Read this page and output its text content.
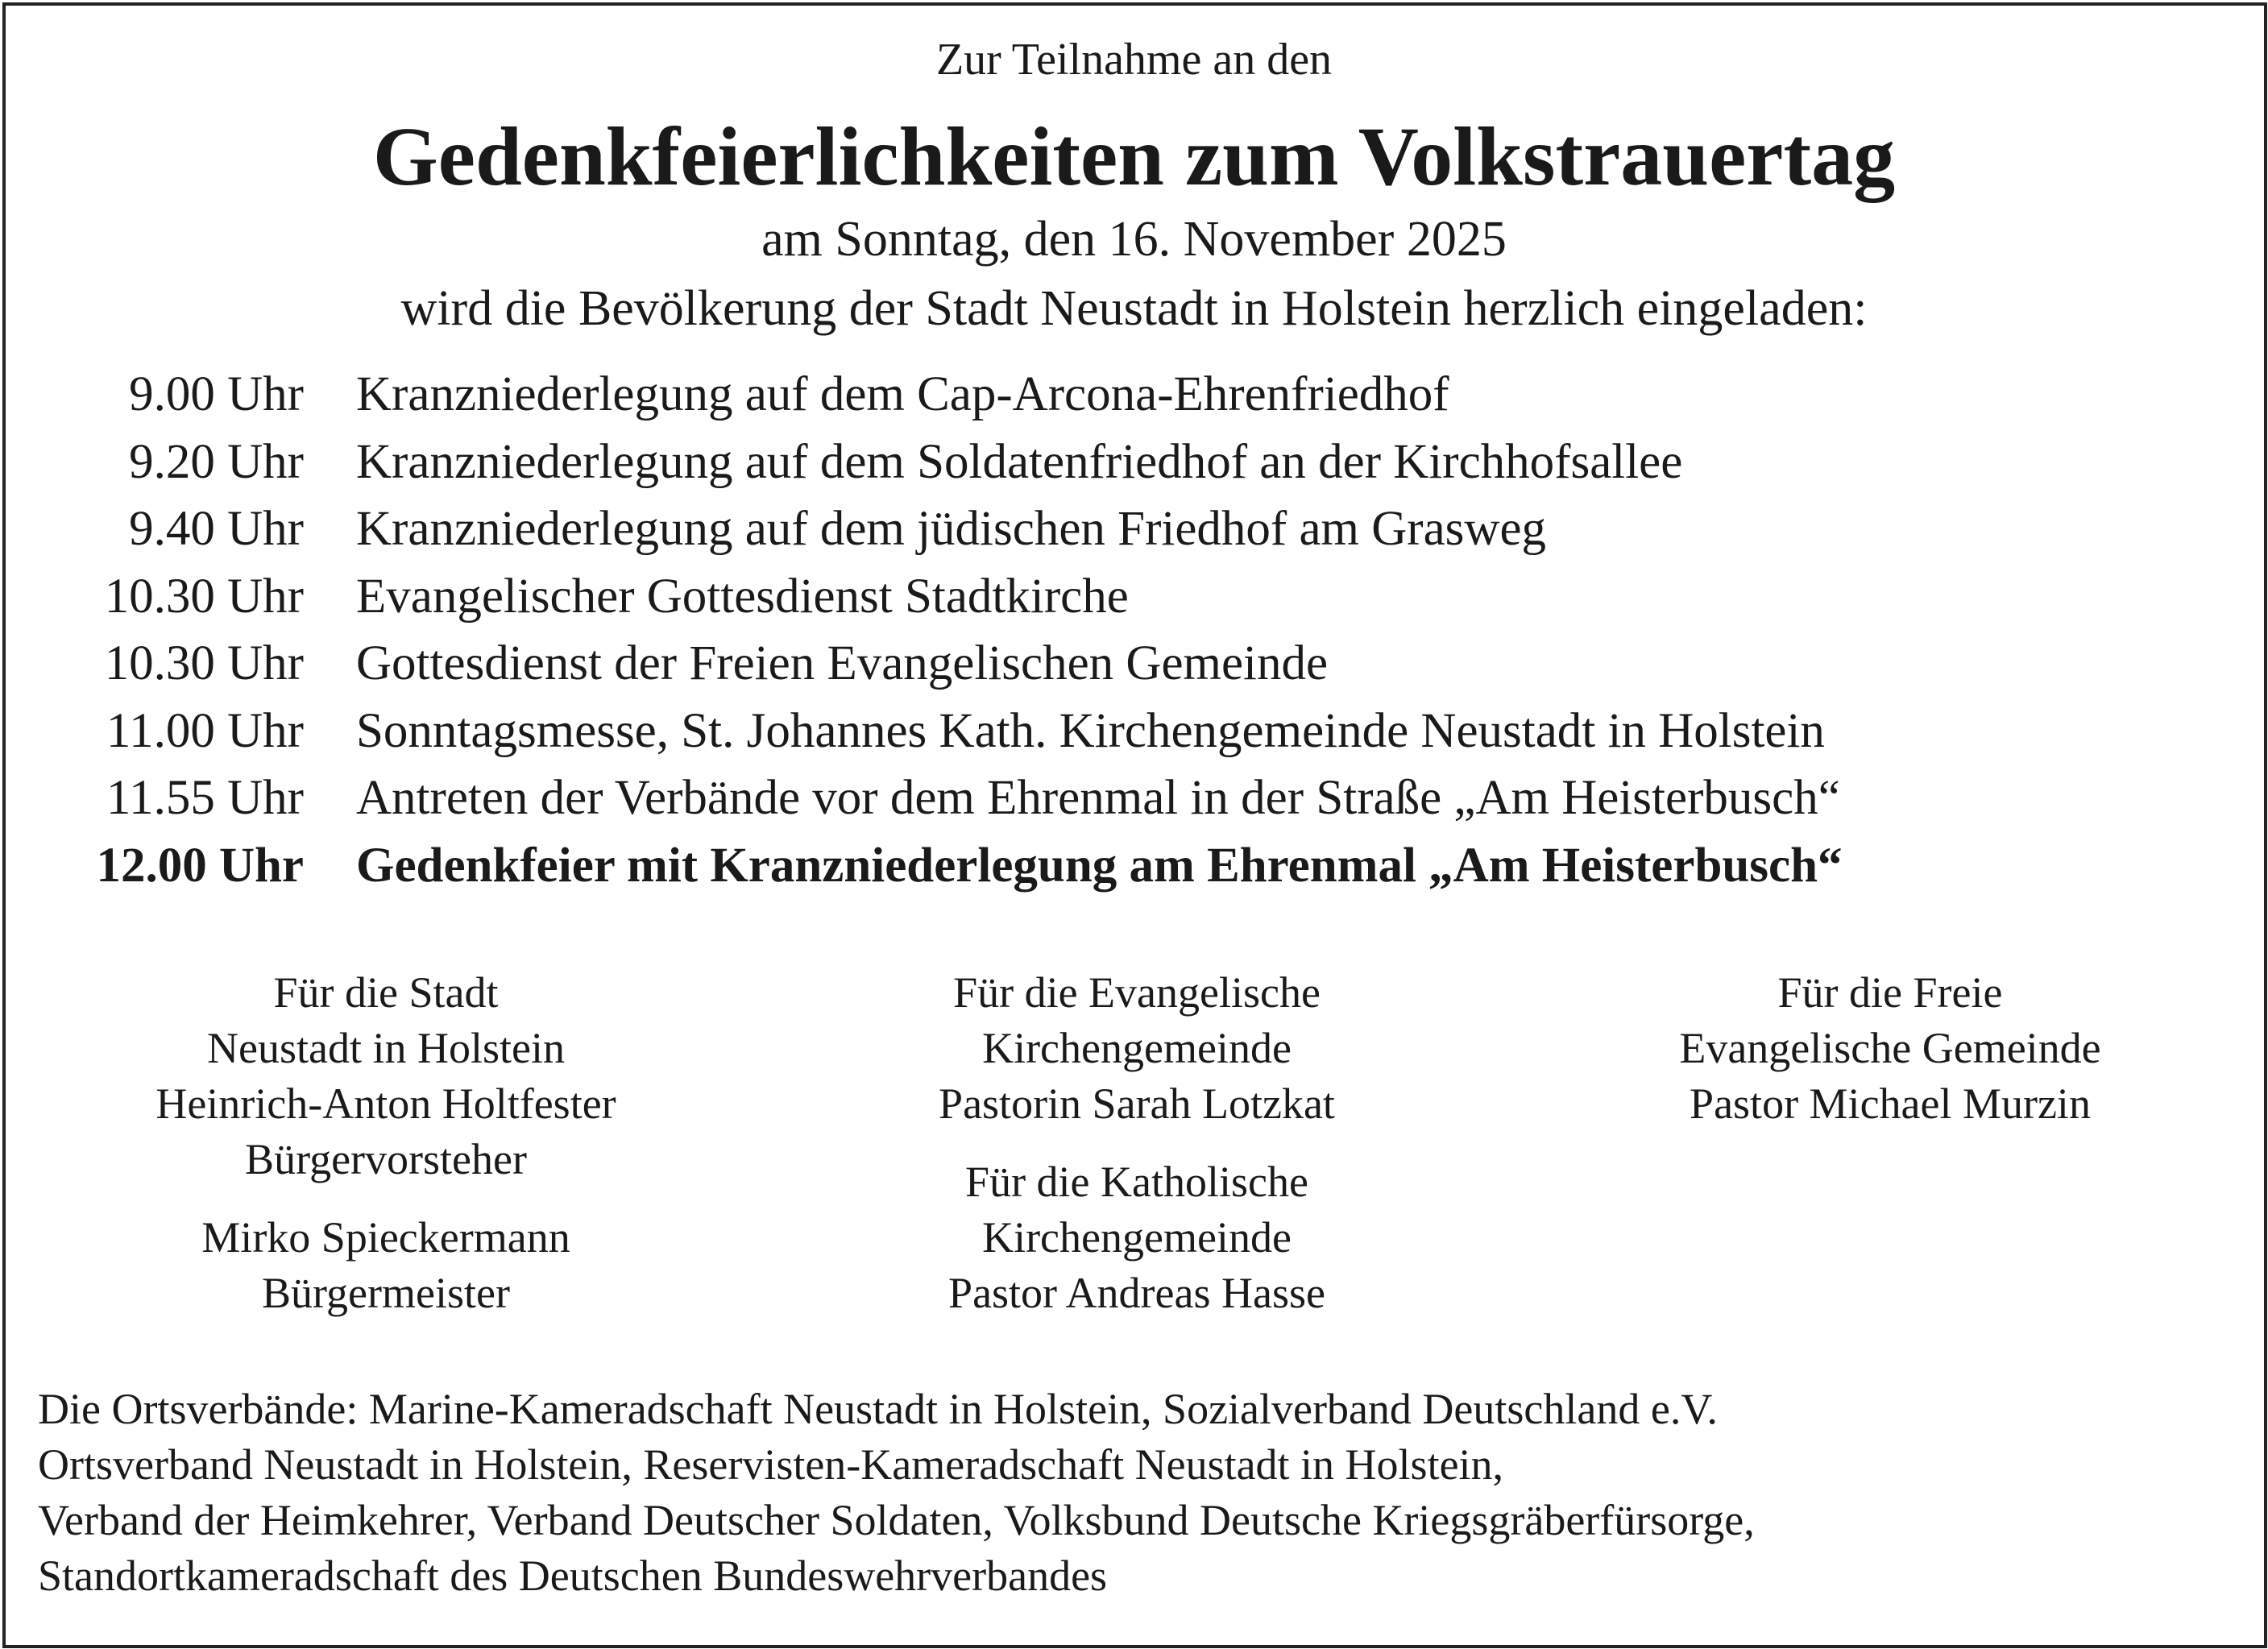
Zur Teilnahme an den
Gedenkfeierlichkeiten zum Volkstrauertag
am Sonntag, den 16. November 2025
wird die Bevölkerung der Stadt Neustadt in Holstein herzlich eingeladen:
9.00 Uhr Kranzniederlegung auf dem Cap-Arcona-Ehrenfriedhof
9.20 Uhr Kranzniederlegung auf dem Soldatenfriedhof an der Kirchhofsallee
9.40 Uhr Kranzniederlegung auf dem jüdischen Friedhof am Grasweg
10.30 Uhr Evangelischer Gottesdienst Stadtkirche
10.30 Uhr Gottesdienst der Freien Evangelischen Gemeinde
11.00 Uhr Sonntagsmesse, St. Johannes Kath. Kirchengemeinde Neustadt in Holstein
11.55 Uhr Antreten der Verbände vor dem Ehrenmal in der Straße „Am Heisterbusch“
12.00 Uhr Gedenkfeier mit Kranzniederlegung am Ehrenmal „Am Heisterbusch“
Für die Stadt
Neustadt in Holstein
Heinrich-Anton Holtfester
Bürgervorsteher
Mirko Spieckermann
Bürgermeister
Für die Evangelische
Kirchengemeinde
Pastorin Sarah Lotzkat
Für die Katholische
Kirchengemeinde
Pastor Andreas Hasse
Für die Freie
Evangelische Gemeinde
Pastor Michael Murzin
Die Ortsverbände: Marine-Kameradschaft Neustadt in Holstein, Sozialverband Deutschland e.V.
Ortsverband Neustadt in Holstein, Reservisten-Kameradschaft Neustadt in Holstein,
Verband der Heimkehrer, Verband Deutscher Soldaten, Volksbund Deutsche Kriegsgräberfürsorge,
Standortkameradschaft des Deutschen Bundeswehrverbandes
